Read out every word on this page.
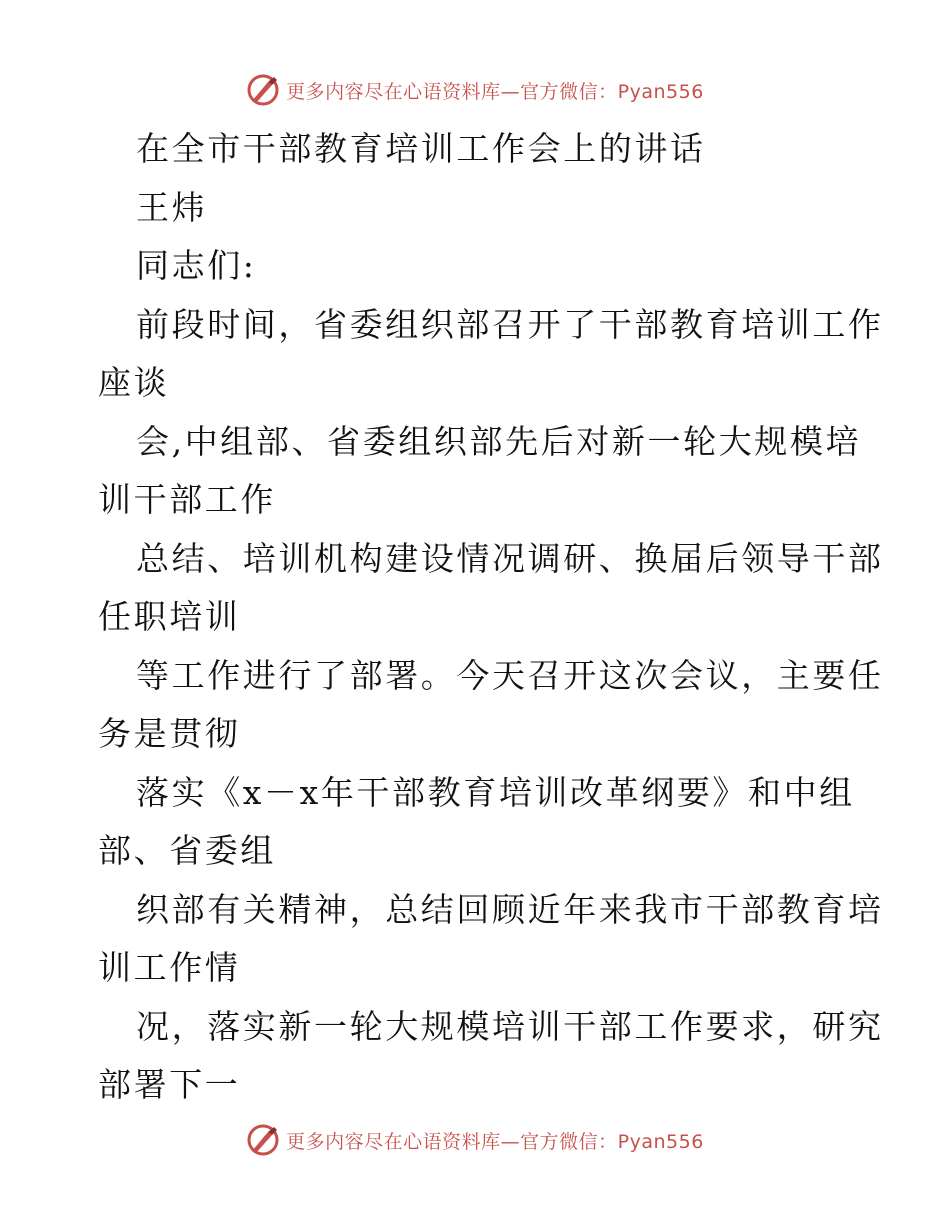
更多内容尽在心语资料库—官方微信：Pyan556
在全市干部教育培训工作会上的讲话
王炜
同志们:
前段时间，省委组织部召开了干部教育培训工作
座谈
会,中组部、省委组织部先后对新一轮大规模培
训干部工作
总结、培训机构建设情况调研、换届后领导干部
任职培训
等工作进行了部署。今天召开这次会议，主要任
务是贯彻
落实《x－x年干部教育培训改革纲要》和中组
部、省委组
织部有关精神，总结回顾近年来我市干部教育培
训工作情
况，落实新一轮大规模培训干部工作要求，研究
部署下一
更多内容尽在心语资料库—官方微信：Pyan556
